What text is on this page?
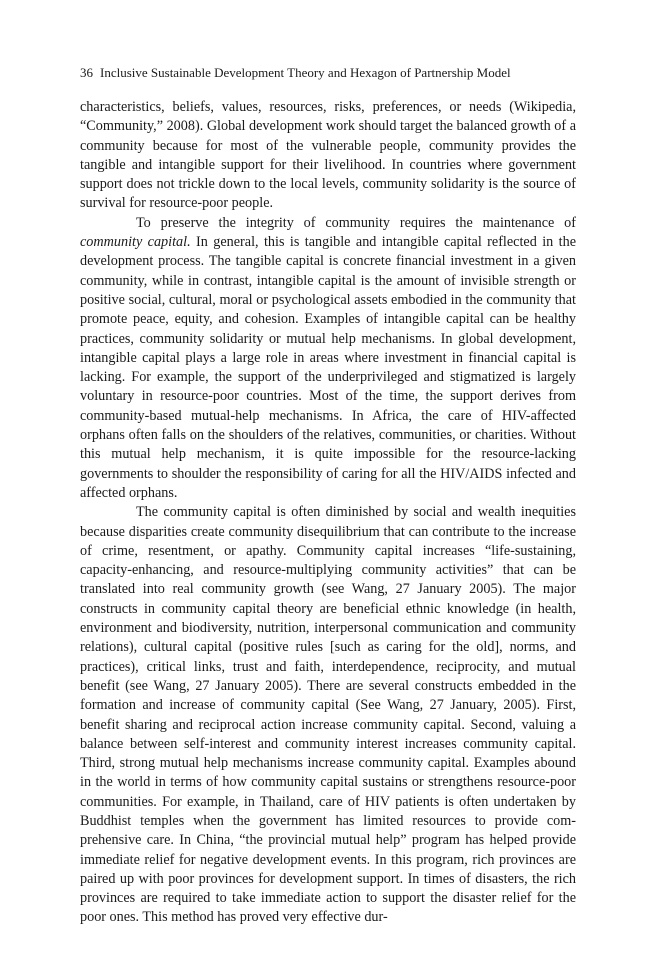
36 Inclusive Sustainable Development Theory and Hexagon of Partnership Model

characteristics, beliefs, values, resources, risks, preferences, or needs (Wikipedia, “Community,” 2008). Global development work should target the balanced growth of a community because for most of the vulnerable people, community provides the tangible and intangible support for their livelihood. In countries where government support does not trickle down to the local levels, community solidarity is the source of survival for resource-poor people.

To preserve the integrity of community requires the maintenance of community capital. In general, this is tangible and intangible capital reflected in the development process. The tangible capital is concrete financial investment in a given community, while in contrast, intangible capital is the amount of invisible strength or positive social, cultural, moral or psychological assets embodied in the community that promote peace, equity, and cohesion. Examples of intangible capital can be healthy practices, community solidarity or mutual help mechanisms. In global development, intangible capital plays a large role in areas where investment in financial capital is lacking. For example, the support of the underprivileged and stigmatized is largely voluntary in resource-poor countries. Most of the time, the support derives from community-based mutual-help mechanisms. In Africa, the care of HIV-affected orphans often falls on the shoulders of the relatives, communities, or charities. Without this mutual help mechanism, it is quite impossible for the resource-lacking governments to shoulder the responsibility of caring for all the HIV/AIDS infected and affected orphans.

The community capital is often diminished by social and wealth inequities because disparities create community disequilibrium that can contribute to the increase of crime, resentment, or apathy. Community capital increases “life-sustaining, capacity-enhancing, and resource-multiplying community activities” that can be translated into real community growth (see Wang, 27 January 2005). The major constructs in community capital theory are beneficial ethnic knowledge (in health, environment and biodiversity, nutrition, interpersonal communication and community relations), cultural capital (positive rules [such as caring for the old], norms, and practices), critical links, trust and faith, interdependence, reciprocity, and mutual benefit (see Wang, 27 January 2005). There are several constructs embedded in the formation and increase of community capital (See Wang, 27 January, 2005). First, benefit sharing and reciprocal action increase community capital. Second, valuing a balance between self-interest and community interest increases community capital. Third, strong mutual help mechanisms increase community capital. Examples abound in the world in terms of how community capital sustains or strengthens resource-poor communities. For example, in Thailand, care of HIV patients is often undertaken by Buddhist temples when the government has limited resources to provide comprehensive care. In China, “the provincial mutual help” program has helped provide immediate relief for negative development events. In this program, rich provinces are paired up with poor provinces for development support. In times of disasters, the rich provinces are required to take immediate action to support the disaster relief for the poor ones. This method has proved very effective dur-
